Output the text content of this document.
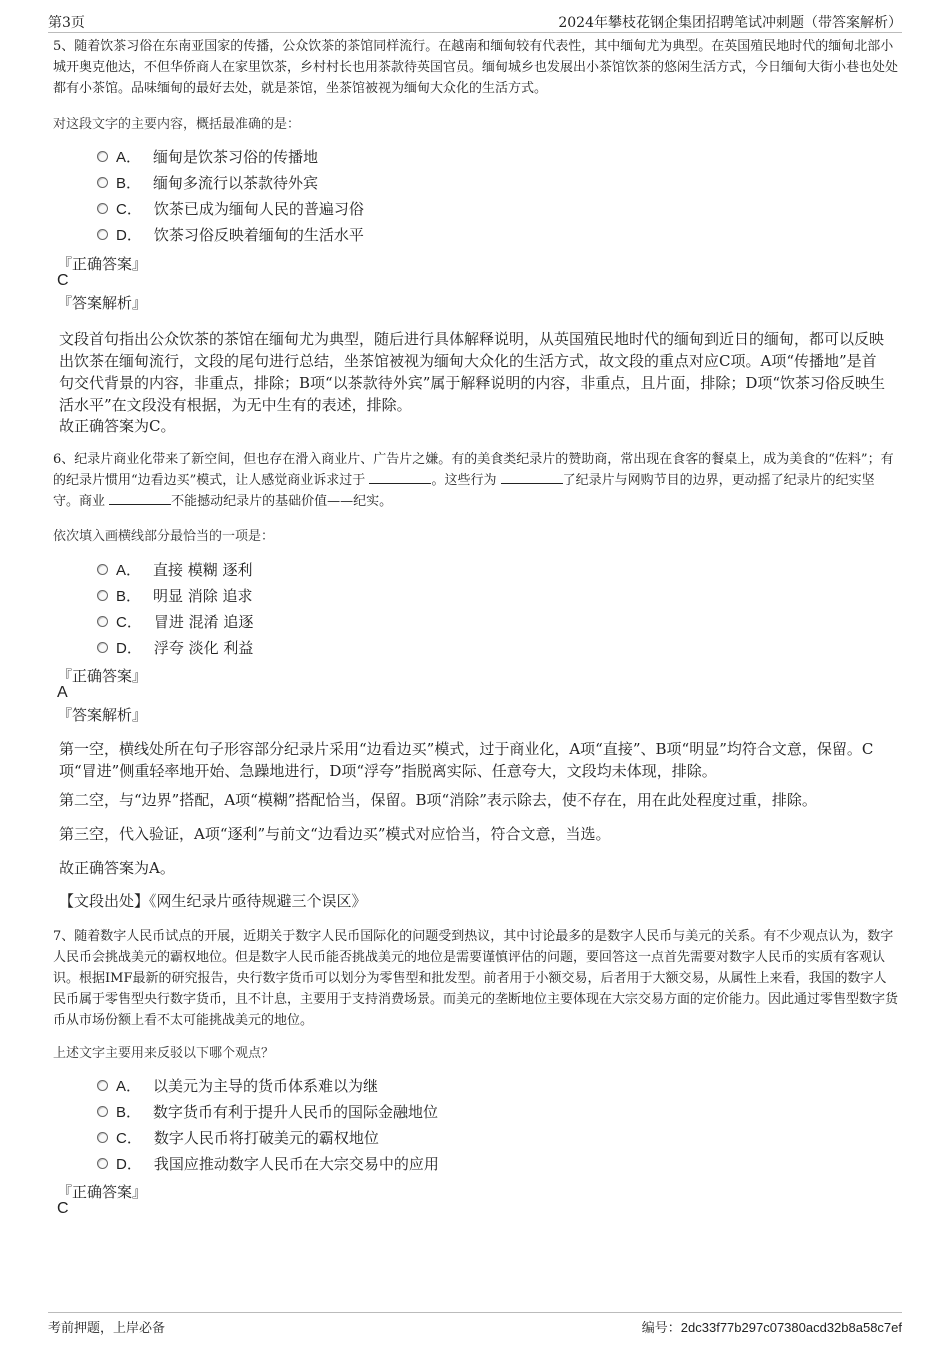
第3页	2024年攀枝花钢企集团招聘笔试冲刺题（带答案解析）

5、随着饮茶习俗在东南亚国家的传播，公众饮茶的茶馆同样流行。在越南和缅甸较有代表性，其中缅甸尤为典型。在英国殖民地时代的缅甸北部小城开奥克他达，不但华侨商人在家里饮茶，乡村村长也用茶款待英国官员。缅甸城乡也发展出小茶馆饮茶的悠闲生活方式，今日缅甸大街小巷也处处都有小茶馆。品味缅甸的最好去处，就是茶馆，坐茶馆被视为缅甸大众化的生活方式。

对这段文字的主要内容，概括最准确的是：

A． 缅甸是饮茶习俗的传播地
B． 缅甸多流行以茶款待外宾
C． 饮茶已成为缅甸人民的普遍习俗
D． 饮茶习俗反映着缅甸的生活水平

『正确答案』

C

『答案解析』

文段首句指出公众饮茶的茶馆在缅甸尤为典型，随后进行具体解释说明，从英国殖民地时代的缅甸到近日的缅甸，都可以反映出饮茶在缅甸流行，文段的尾句进行总结，坐茶馆被视为缅甸大众化的生活方式，故文段的重点对应C项。A项“传播地”是首句交代背景的内容，非重点，排除；B项“以茶款待外宾”属于解释说明的内容，非重点，且片面，排除；D项“饮茶习俗反映生活水平”在文段没有根据，为无中生有的表述，排除。

故正确答案为C。

6、纪录片商业化带来了新空间，但也存在滑入商业片、广告片之嫌。有的美食类纪录片的赞助商，常出现在食客的餐桌上，成为美食的“佐料”；有的纪录片惯用“边看边买”模式，让人感觉商业诉求过于	。这些行为	了纪录片与网购节目的边界，更动摇了纪录片的纪实坚守。商业	不能撼动纪录片的基础价值——纪实。

依次填入画横线部分最恰当的一项是：

A． 直接 模糊 逐利
B． 明显 消除 追求
C． 冒进 混淆 追逐
D． 浮夸 淡化 利益

『正确答案』

A

『答案解析』

第一空，横线处所在句子形容部分纪录片采用“边看边买”模式，过于商业化，A项“直接”、B项“明显”均符合文意，保留。C项“冒进”侧重轻率地开始、急躁地进行，D项“浮夸”指脱离实际、任意夸大，文段均未体现，排除。

第二空，与“边界”搭配，A项“模糊”搭配恰当，保留。B项“消除”表示除去，使不存在，用在此处程度过重，排除。

第三空，代入验证，A项“逐利”与前文“边看边买”模式对应恰当，符合文意，当选。

故正确答案为A。

【文段出处】《网生纪录片亟待规避三个误区》

7、随着数字人民币试点的开展，近期关于数字人民币国际化的问题受到热议，其中讨论最多的是数字人民币与美元的关系。有不少观点认为，数字人民币会挑战美元的霸权地位。但是数字人民币能否挑战美元的地位是需要谨慎评估的问题，要回答这一点首先需要对数字人民币的实质有客观认识。根据IMF最新的研究报告，央行数字货币可以划分为零售型和批发型。前者用于小额交易，后者用于大额交易，从属性上来看，我国的数字人民币属于零售型央行数字货币，且不计息，主要用于支持消费场景。而美元的垄断地位主要体现在大宗交易方面的定价能力。因此通过零售型数字货币从市场份额上看不太可能挑战美元的地位。

上述文字主要用来反驳以下哪个观点？

A． 以美元为主导的货币体系难以为继
B． 数字货币有利于提升人民币的国际金融地位
C． 数字人民币将打破美元的霸权地位
D． 我国应推动数字人民币在大宗交易中的应用

『正确答案』

C

考前押题，上岸必备	编号：2dc33f77b297c07380acd32b8a58c7ef
